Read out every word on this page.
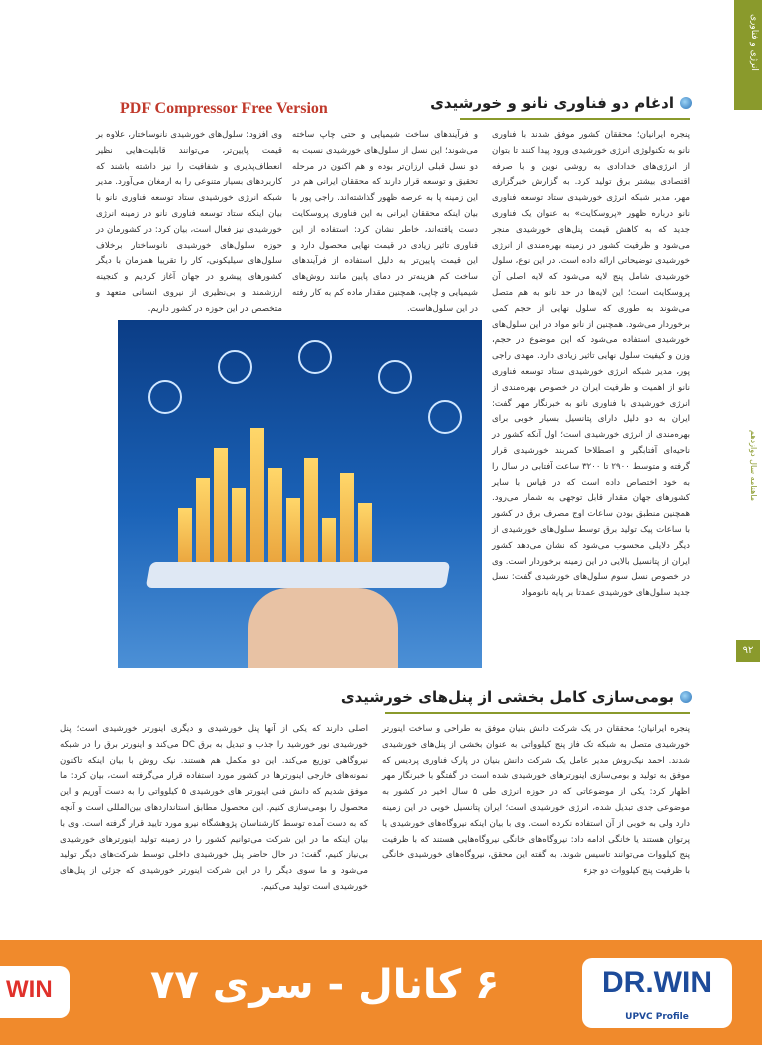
PDF Compressor Free Version
انرژی و فناوری
ماهنامه سال دوازدهم
۹۲
ادغام دو فناوری نانو و خورشیدی

پنجره ایرانیان؛ محققان کشور موفق شدند با فناوری نانو به تکنولوژی انرژی خورشیدی ورود پیدا کنند تا بتوان از انرژی‌های خدادادی به روشی نوین و با صرفه اقتصادی بیشتر برق تولید کرد. به گزارش خبرگزاری مهر، مدیر شبکه انرژی خورشیدی ستاد توسعه فناوری نانو درباره ظهور «پروسکایت» به عنوان یک فناوری جدید که به کاهش قیمت پنل‌های خورشیدی منجر می‌شود و ظرفیت کشور در زمینه بهره‌مندی از انرژی خورشیدی توضیحاتی ارائه داده است. در این نوع، سلول خورشیدی شامل پنج لایه می‌شود که لایه اصلی آن پروسکایت است؛ این لایه‌ها در حد نانو به هم متصل می‌شوند به طوری که سلول نهایی از حجم کمی برخوردار می‌شود. همچنین از نانو مواد در این سلول‌های خورشیدی استفاده می‌شود که این موضوع در حجم، وزن و کیفیت سلول نهایی تاثیر زیادی دارد. مهدی راجی پور، مدیر شبکه انرژی خورشیدی ستاد توسعه فناوری نانو از اهمیت و ظرفیت ایران در خصوص بهره‌مندی از انرژی خورشیدی با فناوری نانو به خبرنگار مهر گفت: ایران به دو دلیل دارای پتانسیل بسیار خوبی برای بهره‌مندی از انرژی خورشیدی است؛ اول آنکه کشور در ناحیه‌ای آفتابگیر و اصطلاحا کمربند خورشیدی قرار گرفته و متوسط ۲۹۰۰ تا ۳۲۰۰ ساعت آفتابی در سال را به خود اختصاص داده است که در قیاس با سایر کشورهای جهان مقدار قابل توجهی به شمار می‌رود. همچنین منطبق بودن ساعات اوج مصرف برق در کشور با ساعات پیک تولید برق توسط سلول‌های خورشیدی از دیگر دلایلی محسوب می‌شود که نشان می‌دهد کشور ایران از پتانسیل بالایی در این زمینه برخوردار است. وی در خصوص نسل سوم سلول‌های خورشیدی گفت: نسل جدید سلول‌های خورشیدی عمدتا بر پایه نانومواد

و فرآیندهای ساخت شیمیایی و حتی چاپ ساخته می‌شوند؛ این نسل از سلول‌های خورشیدی نسبت به دو نسل قبلی ارزان‌تر بوده و هم اکنون در مرحله تحقیق و توسعه قرار دارند که محققان ایرانی هم در این زمینه پا به عرصه ظهور گذاشته‌اند. راجی پور با بیان اینکه محققان ایرانی به این فناوری پروسکایت دست یافته‌اند، خاطر نشان کرد: استفاده از این فناوری تاثیر زیادی در قیمت نهایی محصول دارد و این قیمت پایین‌تر به دلیل استفاده از فرآیندهای ساخت کم هزینه‌تر در دمای پایین مانند روش‌های شیمیایی و چاپی، همچنین مقدار ماده کم به کار رفته در این سلول‌هاست.

وی افزود: سلول‌های خورشیدی نانوساختار، علاوه بر قیمت پایین‌تر، می‌توانند قابلیت‌هایی نظیر انعطاف‌پذیری و شفافیت را نیز داشته باشند که کاربردهای بسیار متنوعی را به ارمغان می‌آورد. مدیر شبکه انرژی خورشیدی ستاد توسعه فناوری نانو با بیان اینکه ستاد توسعه فناوری نانو در زمینه انرژی خورشیدی نیز فعال است، بیان کرد: در کشورمان در حوزه سلول‌های خورشیدی نانوساختار برخلاف سلول‌های سیلیکونی، کار را تقریبا همزمان با دیگر کشورهای پیشرو در جهان آغاز کردیم و کنجینه ارزشمند و بی‌نظیری از نیروی انسانی متعهد و متخصص در این حوزه در کشور داریم.

بومی‌سازی کامل بخشی از پنل‌های خورشیدی

پنجره ایرانیان؛ محققان در یک شرکت دانش بنیان موفق به طراحی و ساخت اینورتر خورشیدی متصل به شبکه تک فاز پنج کیلوواتی به عنوان بخشی از پنل‌های خورشیدی شدند. احمد نیک‌روش مدیر عامل یک شرکت دانش بنیان در پارک فناوری پردیس که موفق به تولید و بومی‌سازی اینورترهای خورشیدی شده است در گفتگو با خبرنگار مهر اظهار کرد: یکی از موضوعاتی که در حوزه انرژی طی ۵ سال اخیر در کشور به موضوعی جدی تبدیل شده، انرژی خورشیدی است؛ ایران پتانسیل خوبی در این زمینه دارد ولی به خوبی از آن استفاده نکرده است. وی با بیان اینکه نیروگاه‌های خورشیدی یا پرتوان هستند یا خانگی ادامه داد: نیروگاه‌های خانگی نیروگاه‌هایی هستند که با ظرفیت پنج کیلووات می‌توانند تاسیس شوند. به گفته این محقق، نیروگاه‌های خورشیدی خانگی با ظرفیت پنج کیلووات دو جزء

اصلی دارند که یکی از آنها پنل خورشیدی و دیگری اینورتر خورشیدی است؛ پنل خورشیدی نور خورشید را جذب و تبدیل به برق DC می‌کند و اینورتر برق را در شبکه نیروگاهی توزیع می‌کند. این دو مکمل هم هستند. نیک روش با بیان اینکه تاکنون نمونه‌های خارجی اینورترها در کشور مورد استفاده قرار می‌گرفته است، بیان کرد: ما موفق شدیم که دانش فنی اینورتر های خورشیدی ۵ کیلوواتی را به دست آوریم و این محصول را بومی‌سازی کنیم. این محصول مطابق استانداردهای بین‌المللی است و آنچه که به دست آمده توسط کارشناسان پژوهشگاه نیرو مورد تایید قرار گرفته است. وی با بیان اینکه ما در این شرکت می‌توانیم کشور را در زمینه تولید اینورترهای خورشیدی بی‌نیاز کنیم، گفت: در حال حاضر پنل خورشیدی داخلی توسط شرکت‌های دیگر تولید می‌شود و ما سوی دیگر را در این شرکت اینورتر خورشیدی که جزئی از پنل‌های خورشیدی است تولید می‌کنیم.

WIN ۶ کانال - سری ۷۷	DR.WIN
UPVC Profile
